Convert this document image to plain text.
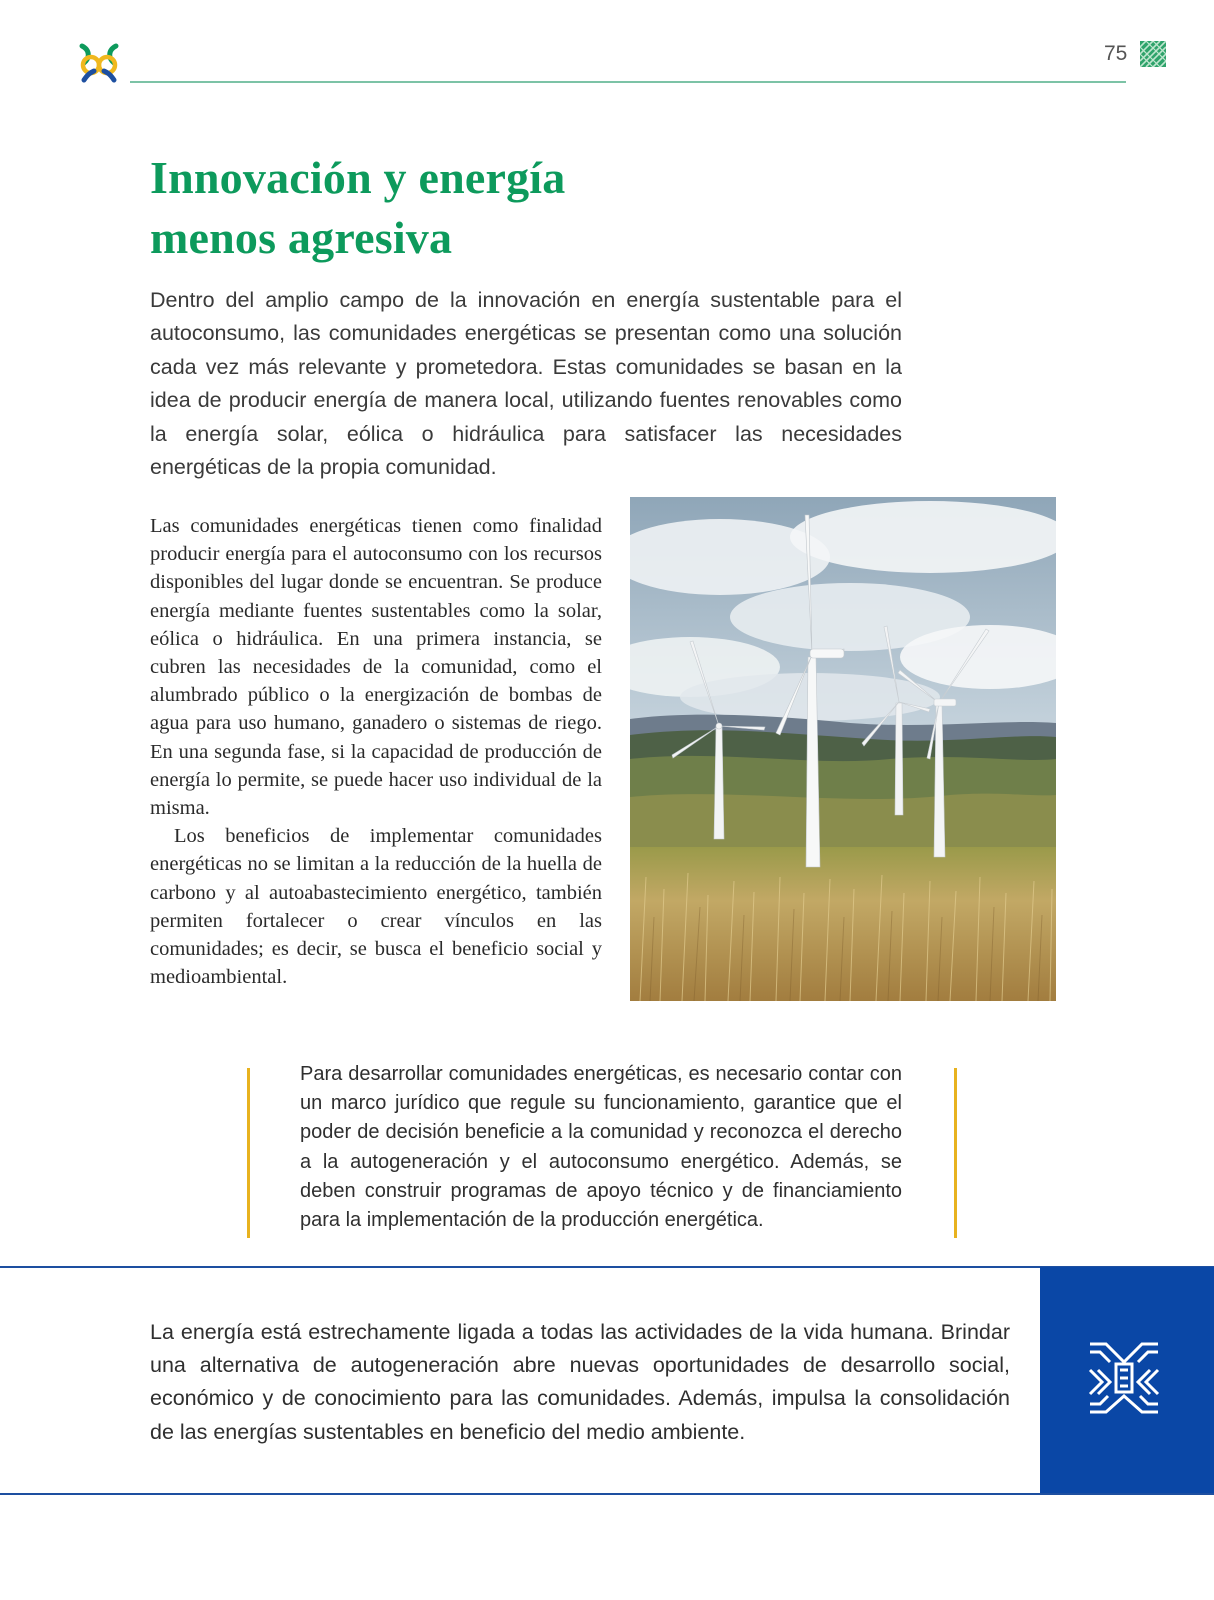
75
Innovación y energía
menos agresiva

Dentro del amplio campo de la innovación en energía sustentable para el autoconsumo, las comunidades energéticas se presentan como una solución cada vez más relevante y prometedora. Estas comunidades se basan en la idea de producir energía de manera local, utilizando fuentes renovables como la energía solar, eólica o hidráulica para satisfacer las necesidades energéticas de la propia comunidad.

Las comunidades energéticas tienen como finalidad producir energía para el autoconsumo con los recursos disponibles del lugar donde se encuentran. Se produce energía mediante fuentes sustentables como la solar, eólica o hidráulica. En una primera instancia, se cubren las necesidades de la comunidad, como el alumbrado público o la energización de bombas de agua para uso humano, ganadero o sistemas de riego. En una segunda fase, si la capacidad de producción de energía lo permite, se puede hacer uso individual de la misma.

Los beneficios de implementar comunidades energéticas no se limitan a la reducción de la huella de carbono y al autoabastecimiento energético, también permiten fortalecer o crear vínculos en las comunidades; es decir, se busca el beneficio social y medioambiental.

Para desarrollar comunidades energéticas, es necesario contar con un marco jurídico que regule su funcionamiento, garantice que el poder de decisión beneficie a la comunidad y reconozca el derecho a la autogeneración y el autoconsumo energético. Además, se deben construir programas de apoyo técnico y de financiamiento para la implementación de la producción energética.

La energía está estrechamente ligada a todas las actividades de la vida humana. Brindar una alternativa de autogeneración abre nuevas oportunidades de desarrollo social, económico y de conocimiento para las comunidades. Además, impulsa la consolidación de las energías sustentables en beneficio del medio ambiente.
